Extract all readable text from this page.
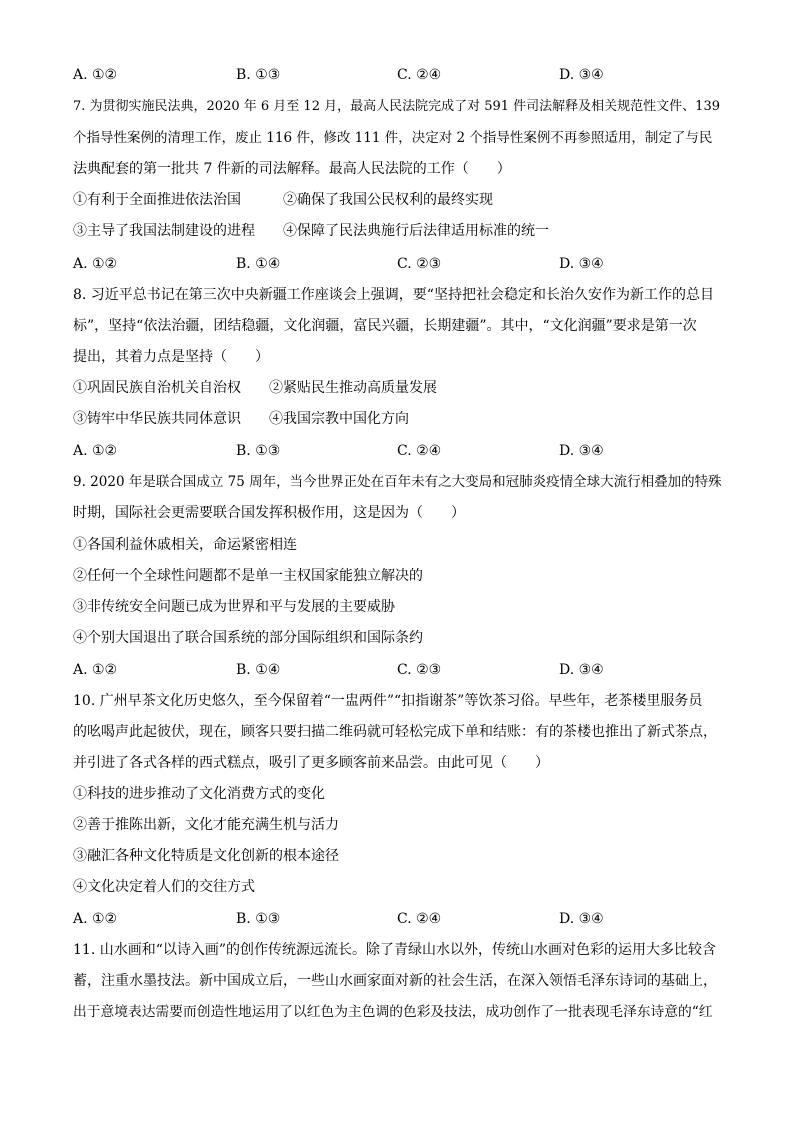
A. ①②	B. ①③	C. ②④	D. ③④
7. 为贯彻实施民法典，2020 年 6 月至 12 月，最高人民法院完成了对 591 件司法解释及相关规范性文件、139
个指导性案例的清理工作，废止 116 件，修改 111 件，决定对 2 个指导性案例不再参照适用，制定了与民
法典配套的第一批共 7 件新的司法解释。最高人民法院的工作（　　）
①有利于全面推进依法治国　　　②确保了我国公民权利的最终实现
③主导了我国法制建设的进程　　④保障了民法典施行后法律适用标准的统一
A. ①②	B. ①④	C. ②③	D. ③④
8. 习近平总书记在第三次中央新疆工作座谈会上强调，要“坚持把社会稳定和长治久安作为新工作的总目
标”，坚持“依法治疆，团结稳疆，文化润疆，富民兴疆，长期建疆”。其中，“文化润疆”要求是第一次
提出，其着力点是坚持（　　）
①巩固民族自治机关自治权　　②紧贴民生推动高质量发展
③铸牢中华民族共同体意识　　④我国宗教中国化方向
A. ①②	B. ①③	C. ②④	D. ③④
9. 2020 年是联合国成立 75 周年，当今世界正处在百年未有之大变局和冠肺炎疫情全球大流行相叠加的特殊
时期，国际社会更需要联合国发挥积极作用，这是因为（　　）
①各国利益休戚相关，命运紧密相连
②任何一个全球性问题都不是单一主权国家能独立解决的
③非传统安全问题已成为世界和平与发展的主要威胁
④个别大国退出了联合国系统的部分国际组织和国际条约
A. ①②	B. ①④	C. ②③	D. ③④
10. 广州早茶文化历史悠久，至今保留着“一盅两件”“扣指谢茶”等饮茶习俗。早些年，老茶楼里服务员
的吆喝声此起彼伏，现在，顾客只要扫描二维码就可轻松完成下单和结账：有的茶楼也推出了新式茶点，
并引进了各式各样的西式糕点，吸引了更多顾客前来品尝。由此可见（　　）
①科技的进步推动了文化消费方式的变化
②善于推陈出新，文化才能充满生机与活力
③融汇各种文化特质是文化创新的根本途径
④文化决定着人们的交往方式
A. ①②	B. ①③	C. ②④	D. ③④
11. 山水画和“以诗入画”的创作传统源远流长。除了青绿山水以外，传统山水画对色彩的运用大多比较含
蓄，注重水墨技法。新中国成立后，一些山水画家面对新的社会生活，在深入领悟毛泽东诗词的基础上，
出于意境表达需要而创造性地运用了以红色为主色调的色彩及技法，成功创作了一批表现毛泽东诗意的“红
